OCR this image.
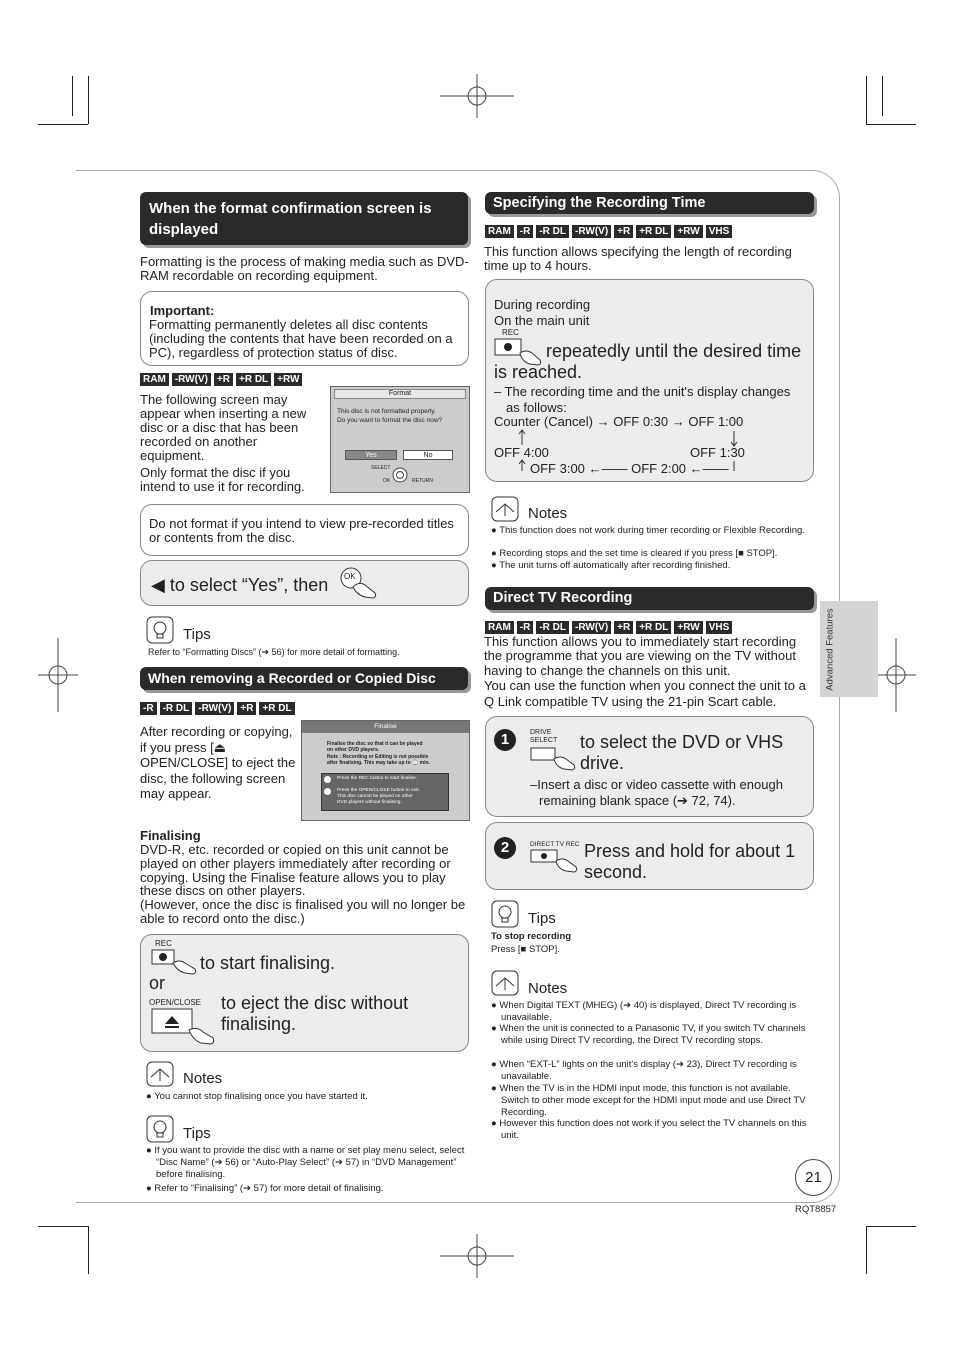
Advanced Features
When the format confirmation screen is displayed
Formatting is the process of making media such as DVD-RAM recordable on recording equipment.
Important:
Formatting permanently deletes all disc contents (including the contents that have been recorded on a PC), regardless of protection status of disc.
RAM -RW(V) +R +R DL +RW
The following screen may appear when inserting a new disc or a disc that has been recorded on another equipment.
Only format the disc if you intend to use it for recording.
Format
This disc is not formatted properly.
Do you want to format the disc now?
Yes	No
SELECT
OK	RETURN
Do not format if you intend to view pre-recorded titles or contents from the disc.
◀ to select “Yes”, then OK
Tips
Refer to “Formatting Discs” (➔ 56) for more detail of formatting.
When removing a Recorded or Copied Disc
-R -R DL -RW(V) +R +R DL
After recording or copying, if you press [⏏ OPEN/CLOSE] to eject the disc, the following screen may appear.
Finalise
Finalise the disc so that it can be played
on other DVD players.
Note : Recording or Editing is not possible
after finalising. This may take up to ⌚ min.
Press the REC button to start finalise.
Press the OPEN/CLOSE button to exit.
This disc cannot be played on other
DVD players without finalising.
Finalising
DVD-R, etc. recorded or copied on this unit cannot be played on other players immediately after recording or copying. Using the Finalise feature allows you to play these discs on other players.
(However, once the disc is finalised you will no longer be able to record onto the disc.)
REC
to start finalising.
or
OPEN/CLOSE to eject the disc without
finalising.
Notes
● You cannot stop finalising once you have started it.
Tips
● If you want to provide the disc with a name or set play menu select, select “Disc Name” (➔ 56) or “Auto-Play Select” (➔ 57) in “DVD Management” before finalising.
● Refer to “Finalising” (➔ 57) for more detail of finalising.
Specifying the Recording Time
RAM -R -R DL -RW(V) +R +R DL +RW VHS
This function allows specifying the length of recording time up to 4 hours.
During recording
On the main unit
REC
repeatedly until the desired time is reached.
– The recording time and the unit's display changes as follows:
Counter (Cancel) → OFF 0:30 → OFF 1:00
OFF 4:00	OFF 1:30
OFF 3:00 ←—— OFF 2:00 ←——
Notes
● This function does not work during timer recording or Flexible Recording.
● Recording stops and the set time is cleared if you press [■ STOP].
● The unit turns off automatically after recording finished.
Direct TV Recording
RAM -R -R DL -RW(V) +R +R DL +RW VHS
This function allows you to immediately start recording the programme that you are viewing on the TV without having to change the channels on this unit.
You can use the function when you connect the unit to a Q Link compatible TV using the 21-pin Scart cable.
1	DRIVE SELECT	to select the DVD or VHS drive.
–Insert a disc or video cassette with enough remaining blank space (➔ 72, 74).
2	DIRECT TV REC Press and hold for about 1 second.
Tips
To stop recording
Press [■ STOP].
Notes
● When Digital TEXT (MHEG) (➔ 40) is displayed, Direct TV recording is unavailable.
● When the unit is connected to a Panasonic TV, if you switch TV channels while using Direct TV recording, the Direct TV recording stops.
● When “EXT-L” lights on the unit's display (➔ 23), Direct TV recording is unavailable.
● When the TV is in the HDMI input mode, this function is not available. Switch to other mode except for the HDMI input mode and use Direct TV Recording.
● However this function does not work if you select the TV channels on this unit.
21
RQT8857
